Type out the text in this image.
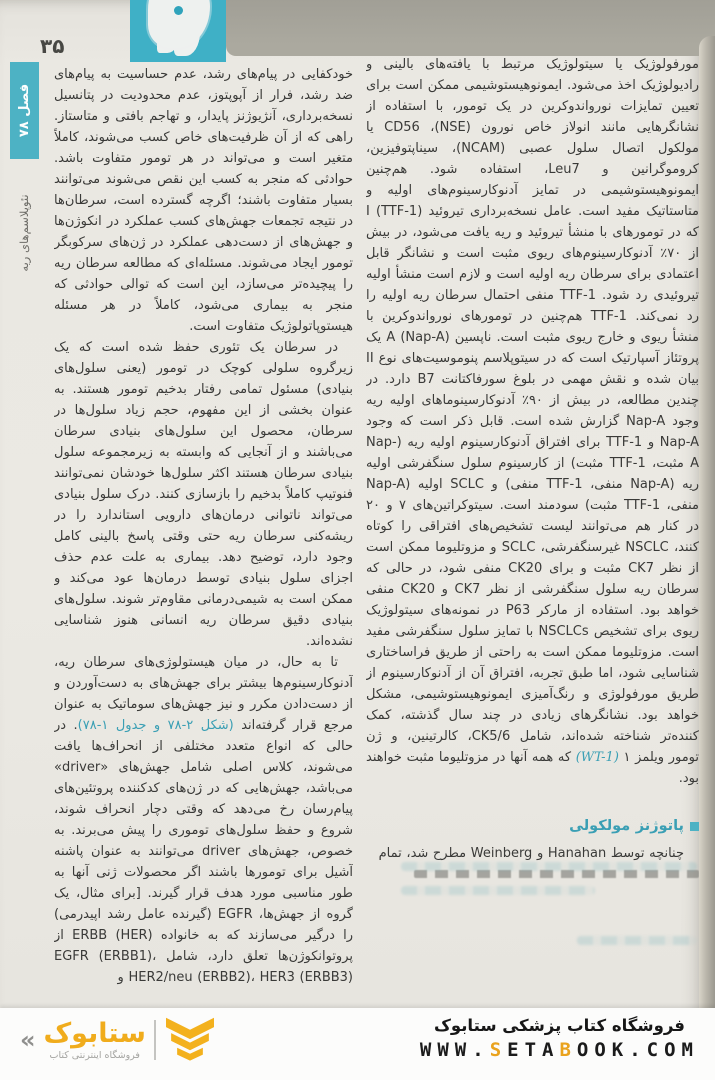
۳۵
فصل ۷۸
نئوپلاسم‌های ریه

خودکفایی در پیام‌های رشد، عدم حساسیت به پیام‌های ضد رشد، فرار از آپوپتوز، عدم محدودیت در پتانسیل نسخه‌برداری، آنژیوژنز پایدار، و تهاجم بافتی و متاستاز. راهی که از آن ظرفیت‌های خاص کسب می‌شوند، کاملاً متغیر است و می‌تواند در هر تومور متفاوت باشد. حوادثی که منجر به کسب این نقص می‌شوند می‌توانند بسیار متفاوت باشند؛ اگرچه گسترده است، سرطان‌ها در نتیجه تجمعات جهش‌های کسب عملکرد در انکوژن‌ها و جهش‌های از دست‌دهی عملکرد در ژن‌های سرکوبگر تومور ایجاد می‌شوند. مسئله‌ای که مطالعه سرطان ریه را پیچیده‌تر می‌سازد، این است که توالی حوادثی که منجر به بیماری می‌شود، کاملاً در هر مسئله هیستوپاتولوژیک متفاوت است.

در سرطان یک تئوری حفظ شده است که یک زیرگروه سلولی کوچک در تومور (یعنی سلول‌های بنیادی) مسئول تمامی رفتار بدخیم تومور هستند. به عنوان بخشی از این مفهوم، حجم زیاد سلول‌ها در سرطان، محصول این سلول‌های بنیادی سرطان می‌باشند و از آنجایی که وابسته به زیرمجموعه سلول بنیادی سرطان هستند اکثر سلول‌ها خودشان نمی‌توانند فنوتیپ کاملاً بدخیم را بازسازی کنند. درک سلول بنیادی می‌تواند ناتوانی درمان‌های دارویی استاندارد را در ریشه‌کنی سرطان ریه حتی وقتی پاسخ بالینی کامل وجود دارد، توضیح دهد. بیماری به علت عدم حذف اجزای سلول بنیادی توسط درمان‌ها عود می‌کند و ممکن است به شیمی‌درمانی مقاوم‌تر شوند. سلول‌های بنیادی دقیق سرطان ریه انسانی هنوز شناسایی نشده‌اند.

تا به حال، در میان هیستولوژی‌های سرطان ریه، آدنوکارسینوم‌ها بیشتر برای جهش‌های به دست‌آوردن و از دست‌دادن مکرر و نیز جهش‌های سوماتیک به عنوان مرجع قرار گرفته‌اند (شکل ۲-۷۸ و جدول ۱-۷۸). در حالی که انواع متعدد مختلفی از انحراف‌ها یافت می‌شوند، کلاس اصلی شامل جهش‌های «driver» می‌باشد، جهش‌هایی که در ژن‌های کدکننده پروتئین‌های پیام‌رسان رخ می‌دهد که وقتی دچار انحراف شوند، شروع و حفظ سلول‌های توموری را پیش می‌برند. به خصوص، جهش‌های driver می‌توانند به عنوان پاشنه آشیل برای تومورها باشند اگر محصولات ژنی آنها به طور مناسبی مورد هدف قرار گیرند. [برای مثال، یک گروه از جهش‌ها، EGFR (گیرنده عامل رشد اپیدرمی) را درگیر می‌سازند که به خانواده ERBB (HER) از پروتوانکوژن‌ها تعلق دارد، شامل EGFR (ERBB1)، HER2/neu (ERBB2)، HER3 (ERBB3) و

مورفولوژیک یا سیتولوژیک مرتبط با یافته‌های بالینی و رادیولوژیک اخذ می‌شود. ایمونوهیستوشیمی ممکن است برای تعیین تمایزات نورواندوکرین در یک تومور، با استفاده از نشانگرهایی مانند انولاز خاص نورون (NSE)، CD56 یا مولکول اتصال سلول عصبی (NCAM)، سیناپتوفیزین، کروموگرانین و Leu7، استفاده شود. هم‌چنین ایمونوهیستوشیمی در تمایز آدنوکارسینوم‌های اولیه و متاستاتیک مفید است. عامل نسخه‌برداری تیروئید I (TTF-1) که در تومورهای با منشأ تیروئید و ریه یافت می‌شود، در بیش از ۷۰٪ آدنوکارسینوم‌های ریوی مثبت است و نشانگر قابل اعتمادی برای سرطان ریه اولیه است و لازم است منشأ اولیه تیروئیدی رد شود. TTF-1 منفی احتمال سرطان ریه اولیه را رد نمی‌کند. TTF-1 هم‌چنین در تومورهای نورواندوکرین با منشأ ریوی و خارج ریوی مثبت است. ناپسین A (Nap-A) یک پروتئاز آسپارتیک است که در سیتوپلاسم پنوموسیت‌های نوع II بیان شده و نقش مهمی در بلوغ سورفاکتانت B7 دارد. در چندین مطالعه، در بیش از ۹۰٪ آدنوکارسینوماهای اولیه ریه وجود Nap-A گزارش شده است. قابل ذکر است که وجود Nap-A و TTF-1 برای افتراق آدنوکارسینوم اولیه ریه (Nap-A مثبت، TTF-1 مثبت) از کارسینوم سلول سنگفرشی اولیه ریه (Nap-A منفی، TTF-1 منفی) و SCLC اولیه (Nap-A منفی، TTF-1 مثبت) سودمند است. سیتوکراتین‌های ۷ و ۲۰ در کنار هم می‌توانند لیست تشخیص‌های افتراقی را کوتاه کنند، NSCLC غیرسنگفرشی، SCLC و مزوتلیوما ممکن است از نظر CK7 مثبت و برای CK20 منفی شود، در حالی که سرطان ریه سلول سنگفرشی از نظر CK7 و CK20 منفی خواهد بود. استفاده از مارکر P63 در نمونه‌های سیتولوژیک ریوی برای تشخیص NSCLCs با تمایز سلول سنگفرشی مفید است. مزوتلیوما ممکن است به راحتی از طریق فراساختاری شناسایی شود، اما طبق تجربه، افتراق آن از آدنوکارسینوم از طریق مورفولوژی و رنگ‌آمیزی ایمونوهیستوشیمی، مشکل خواهد بود. نشانگرهای زیادی در چند سال گذشته، کمک کننده‌تر شناخته شده‌اند، شامل CK5/6، کالرتینین، و ژن تومور ویلمز ۱ (WT-1) که همه آنها در مزوتلیوما مثبت خواهند بود.

پاتوژنز مولکولی

چنانچه توسط Hanahan و Weinberg مطرح شد، تمام

« ستابوک
فروشگاه اینترنتی کتاب
فروشگاه کتاب پزشکی ستابوک
WWW.SETABOOK.COM
